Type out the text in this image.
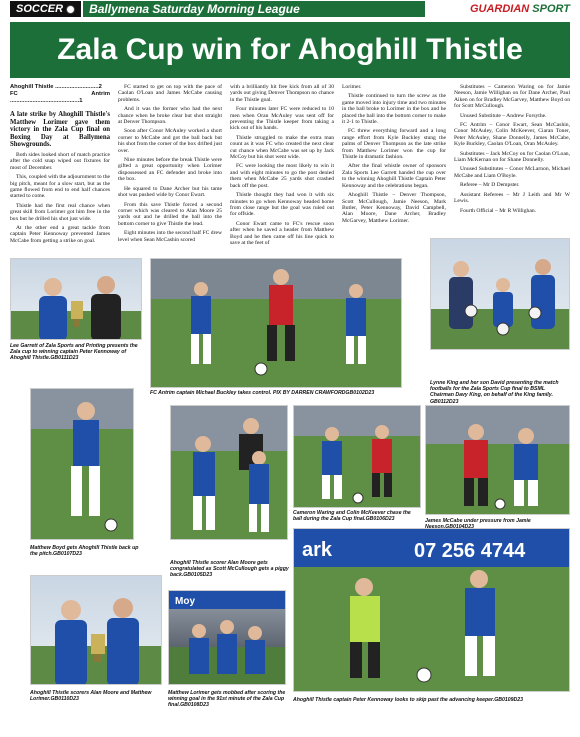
SOCCER	Ballymena Saturday Morning League	GUARDIAN SPORT
Zala Cup win for Ahoghill Thistle
Ahoghill Thistle ...........................2
FC Antrim ...........................................1

A late strike by Ahoghill Thistle's Matthew Lorimer gave them victory in the Zala Cup final on Boxing Day at Ballymena Showgrounds.

Both sides looked short of match practice after the cold snap wiped out fixtures for most of December.

This, coupled with the adjournment to the big pitch, meant for a slow start, but as the game flowed from end to end half chances started to come.

Thistle had the first real chance when great skill from Lorimer got him free in the box but he drilled his shot just wide.

At the other end a great tackle from captain Peter Kennoway prevented James McCabe from getting a strike on goal.

FC started to get on top with the pace of Caolan O'Loan and James McCabe causing problems.

And it was the former who had the next chance when he broke clear but shot straight at Denver Thompson.

Soon after Conor McAuley worked a short corner to McCabe and got the ball back but his shot from the corner of the box drifted just over.

Nine minutes before the break Thistle were gifted a great opportunity when Lorimer dispossessed an FC defender and broke into the box.

He squared to Dane Archer but his tame shot was pushed wide by Conor Ewart.

From this save Thistle forced a second corner which was cleared to Alan Moore 25 yards out and he drilled the ball into the bottom corner to give Thistle the lead.

Eight minutes into the second half FC drew level when Sean McCashin scored

with a brilliantly hit free kick from all of 30 yards out giving Denver Thompson no chance in the Thistle goal.

Four minutes later FC were reduced to 10 men when Oran McAuley was sent off for preventing the Thistle keeper from taking a kick out of his hands.

Thistle struggled to make the extra man count as it was FC who created the next clear cut chance when McCabe was set up by Jack McCoy but his shot went wide.

FC were looking the most likely to win it and with eight minutes to go the post denied them when McCabe 25 yards shot crashed back off the post.

Thistle thought they had won it with six minutes to go when Kennoway headed home from close range but the goal was ruled out for offside.

Conor Ewart came to FC's rescue soon after when he saved a header from Matthew Boyd and he then came off his line quick to save at the feet of

Lorimer.

Thistle continued to turn the screw as the game moved into injury time and two minutes in the ball broke to Lorimer in the box and he placed the ball into the bottom corner to make it 2-1 to Thistle.

FC threw everything forward and a long range effort from Kyle Buckley stung the palms of Denver Thompson as the late strike from Matthew Lorimer won the cup for Thistle in dramatic fashion.

After the final whistle owner of sponsors Zala Sports Lee Garrett handed the cup over to the winning Ahoghill Thistle Captain Peter Kennoway and the celebrations began.

Ahoghill Thistle – Denver Thompson, Scott McCullough, Jamie Neeson, Mark Butler, Peter Kennoway, David Campbell, Alan Moore, Dane Archer, Bradley McGarvey, Matthew Lorimer.

Substitutes – Cameron Waring on for Jamie Neeson, Jamie Willighan on for Dane Archer, Paul Aiken on for Bradley McGarvey, Matthew Boyd on for Scott McCullough.

Unused Substitute – Andrew Forsythe.

FC Antrim – Conor Ewart, Sean McCashin, Conor McAuley, Colin McKeever, Ciaran Toner, Peter McAuley, Shane Donnelly, James McCabe, Kyle Buckley, Caolan O'Loan, Oran McAuley.

Substitutes – Jack McCoy on for Caolan O'Loan, Liam McKernan on for Shane Donnelly.

Unused Substitutes – Conor McLarnon, Michael McCabe and Liam O'Boyle.

Referee – Mr D Dempster.

Assistant Referees – Mr J Leith and Mr W Lewis.

Fourth Official – Mr R Willighan.

Lee Garrett of Zala Sports and Printing presents the Zala cup to winning captain Peter Kennoway of Ahoghill Thistle.GB0111D23
FC Antrim captain Michael Buckley takes control. PIX BY DARREN CRAWFORDGB0102D23
Lynne King and her son David presenting the match footballs for the Zala Sports Cup final to BSML Chairman Davy King, on behalf of the King family. GB0112D23
Matthew Boyd gets Ahoghill Thistle back up the pitch.GB0107D23
Ahoghill Thistle scorer Alan Moore gets congratulated as Scott McCullough gets a piggy back.GB0105D23
Cameron Waring and Colin McKeever chase the ball during the Zala Cup final.GB0106D23	James McCabe under pressure from Jamie
Ahoghill Thistle scorers Alan Moore and Matthew Lorimer.GB0110D23
Moy
Matthew Lorimer gets mobbed after scoring the winning goal in the 91st minute of the Zala Cup final.GB0108D23
ark	07 256 4744
Ahoghill Thistle captain Peter Kennoway looks to skip past the advancing keeper.GB0109D23
